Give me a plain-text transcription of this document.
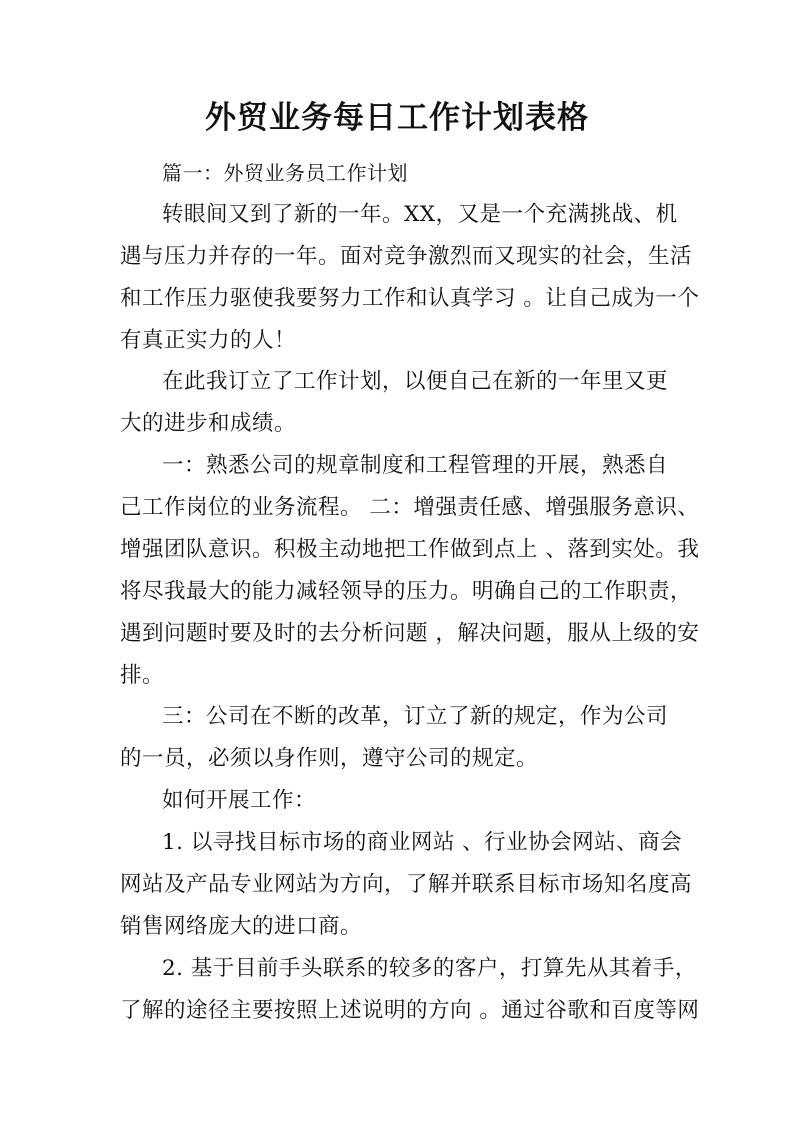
外贸业务每日工作计划表格
篇一：外贸业务员工作计划
转眼间又到了新的一年。XX，又是一个充满挑战、机
遇与压力并存的一年。面对竞争激烈而又现实的社会，生活
和工作压力驱使我要努力工作和认真学习 。让自己成为一个
有真正实力的人！
在此我订立了工作计划，以便自己在新的一年里又更
大的进步和成绩。
一：熟悉公司的规章制度和工程管理的开展，熟悉自
己工作岗位的业务流程。 二：增强责任感、增强服务意识、
增强团队意识。积极主动地把工作做到点上 、落到实处。我
将尽我最大的能力减轻领导的压力。明确自己的工作职责，
遇到问题时要及时的去分析问题 ，解决问题，服从上级的安
排。
三：公司在不断的改革，订立了新的规定，作为公司
的一员，必须以身作则，遵守公司的规定。
如何开展工作：
1. 以寻找目标市场的商业网站 、行业协会网站、商会
网站及产品专业网站为方向，了解并联系目标市场知名度高
销售网络庞大的进口商。
2. 基于目前手头联系的较多的客户，打算先从其着手，
了解的途径主要按照上述说明的方向 。通过谷歌和百度等网
